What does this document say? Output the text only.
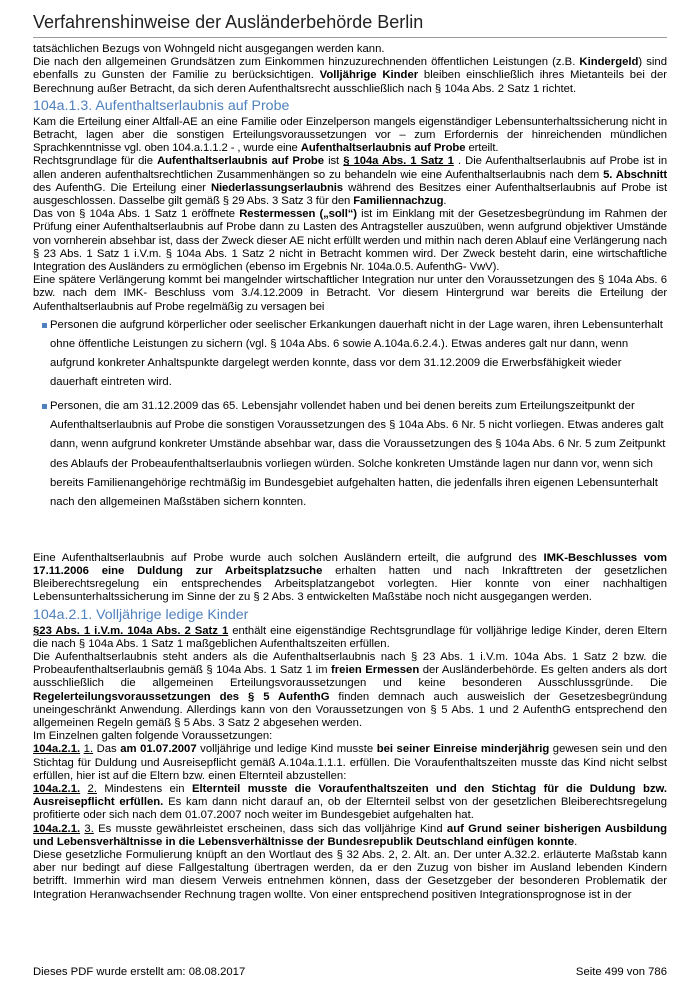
Verfahrenshinweise der Ausländerbehörde Berlin

tatsächlichen Bezugs von Wohngeld nicht ausgegangen werden kann.

Die nach den allgemeinen Grundsätzen zum Einkommen hinzuzurechnenden öffentlichen Leistungen (z.B. Kindergeld) sind ebenfalls zu Gunsten der Familie zu berücksichtigen. Volljährige Kinder bleiben einschließlich ihres Mietanteils bei der Berechnung außer Betracht, da sich deren Aufenthaltsrecht ausschließlich nach § 104a Abs. 2 Satz 1 richtet.

104a.1.3. Aufenthaltserlaubnis auf Probe

Kam die Erteilung einer Altfall-AE an eine Familie oder Einzelperson mangels eigenständiger Lebensunterhaltssicherung nicht in Betracht, lagen aber die sonstigen Erteilungsvoraussetzungen vor – zum Erfordernis der hinreichenden mündlichen Sprachkenntnisse vgl. oben 104.a.1.1.2 - , wurde eine Aufenthaltserlaubnis auf Probe erteilt.

Rechtsgrundlage für die Aufenthaltserlaubnis auf Probe ist § 104a Abs. 1 Satz 1 . Die Aufenthaltserlaubnis auf Probe ist in allen anderen aufenthaltsrechtlichen Zusammenhängen so zu behandeln wie eine Aufenthaltserlaubnis nach dem 5. Abschnitt des AufenthG. Die Erteilung einer Niederlassungserlaubnis während des Besitzes einer Aufenthaltserlaubnis auf Probe ist ausgeschlossen. Dasselbe gilt gemäß § 29 Abs. 3 Satz 3 für den Familiennachzug.

Das von § 104a Abs. 1 Satz 1 eröffnete Restermessen („soll“) ist im Einklang mit der Gesetzesbegründung im Rahmen der Prüfung einer Aufenthaltserlaubnis auf Probe dann zu Lasten des Antragsteller auszuüben, wenn aufgrund objektiver Umstände von vornherein absehbar ist, dass der Zweck dieser AE nicht erfüllt werden und mithin nach deren Ablauf eine Verlängerung nach § 23 Abs. 1 Satz 1 i.V.m. § 104a Abs. 1 Satz 2 nicht in Betracht kommen wird. Der Zweck besteht darin, eine wirtschaftliche Integration des Ausländers zu ermöglichen (ebenso im Ergebnis Nr. 104a.0.5. AufenthG- VwV).

Eine spätere Verlängerung kommt bei mangelnder wirtschaftlicher Integration nur unter den Voraussetzungen des § 104a Abs. 6 bzw. nach dem IMK- Beschluss vom 3./4.12.2009 in Betracht. Vor diesem Hintergrund war bereits die Erteilung der Aufenthaltserlaubnis auf Probe regelmäßig zu versagen bei

Personen die aufgrund körperlicher oder seelischer Erkankungen dauerhaft nicht in der Lage waren, ihren Lebensunterhalt ohne öffentliche Leistungen zu sichern (vgl. § 104a Abs. 6 sowie A.104a.6.2.4.). Etwas anderes galt nur dann, wenn aufgrund konkreter Anhaltspunkte dargelegt werden konnte, dass vor dem 31.12.2009 die Erwerbsfähigkeit wieder dauerhaft eintreten wird.
Personen, die am 31.12.2009 das 65. Lebensjahr vollendet haben und bei denen bereits zum Erteilungszeitpunkt der Aufenthaltserlaubnis auf Probe die sonstigen Voraussetzungen des § 104a Abs. 6 Nr. 5 nicht vorliegen. Etwas anderes galt dann, wenn aufgrund konkreter Umstände absehbar war, dass die Voraussetzungen des § 104a Abs. 6 Nr. 5 zum Zeitpunkt des Ablaufs der Probeaufenthaltserlaubnis vorliegen würden. Solche konkreten Umstände lagen nur dann vor, wenn sich bereits Familienangehörige rechtmäßig im Bundesgebiet aufgehalten hatten, die jedenfalls ihren eigenen Lebensunterhalt nach den allgemeinen Maßstäben sichern konnten.

Eine Aufenthaltserlaubnis auf Probe wurde auch solchen Ausländern erteilt, die aufgrund des IMK-Beschlusses vom 17.11.2006 eine Duldung zur Arbeitsplatzsuche erhalten hatten und nach Inkrafttreten der gesetzlichen Bleiberechtsregelung ein entsprechendes Arbeitsplatzangebot vorlegten. Hier konnte von einer nachhaltigen Lebensunterhaltssicherung im Sinne der zu § 2 Abs. 3 entwickelten Maßstäbe noch nicht ausgegangen werden.

104a.2.1. Volljährige ledige Kinder

§23 Abs. 1 i.V.m. 104a Abs. 2 Satz 1 enthält eine eigenständige Rechtsgrundlage für volljährige ledige Kinder, deren Eltern die nach § 104a Abs. 1 Satz 1 maßgeblichen Aufenthaltszeiten erfüllen.

Die Aufenthaltserlaubnis steht anders als die Aufenthaltserlaubnis nach § 23 Abs. 1 i.V.m. 104a Abs. 1 Satz 2 bzw. die Probeaufenthaltserlaubnis gemäß § 104a Abs. 1 Satz 1 im freien Ermessen der Ausländerbehörde. Es gelten anders als dort ausschließlich die allgemeinen Erteilungsvoraussetzungen und keine besonderen Ausschlussgründe. Die Regelerteilungsvoraussetzungen des § 5 AufenthG finden demnach auch ausweislich der Gesetzesbegründung uneingeschränkt Anwendung. Allerdings kann von den Voraussetzungen von § 5 Abs. 1 und 2 AufenthG entsprechend den allgemeinen Regeln gemäß § 5 Abs. 3 Satz 2 abgesehen werden.

Im Einzelnen galten folgende Voraussetzungen:

104a.2.1. 1. Das am 01.07.2007 volljährige und ledige Kind musste bei seiner Einreise minderjährig gewesen sein und den Stichtag für Duldung und Ausreisepflicht gemäß A.104a.1.1.1. erfüllen. Die Voraufenthaltszeiten musste das Kind nicht selbst erfüllen, hier ist auf die Eltern bzw. einen Elternteil abzustellen:

104a.2.1. 2. Mindestens ein Elternteil musste die Voraufenthaltszeiten und den Stichtag für die Duldung bzw. Ausreisepflicht erfüllen. Es kam dann nicht darauf an, ob der Elternteil selbst von der gesetzlichen Bleiberechtsregelung profitierte oder sich nach dem 01.07.2007 noch weiter im Bundesgebiet aufgehalten hat.

104a.2.1. 3. Es musste gewährleistet erscheinen, dass sich das volljährige Kind auf Grund seiner bisherigen Ausbildung und Lebensverhältnisse in die Lebensverhältnisse der Bundesrepublik Deutschland einfügen konnte.

Diese gesetzliche Formulierung knüpft an den Wortlaut des § 32 Abs. 2, 2. Alt. an. Der unter A.32.2. erläuterte Maßstab kann aber nur bedingt auf diese Fallgestaltung übertragen werden, da er den Zuzug von bisher im Ausland lebenden Kindern betrifft. Immerhin wird man diesem Verweis entnehmen können, dass der Gesetzgeber der besonderen Problematik der Integration Heranwachsender Rechnung tragen wollte. Von einer entsprechend positiven Integrationsprognose ist in der

Dieses PDF wurde erstellt am: 08.08.2017	Seite 499 von 786
